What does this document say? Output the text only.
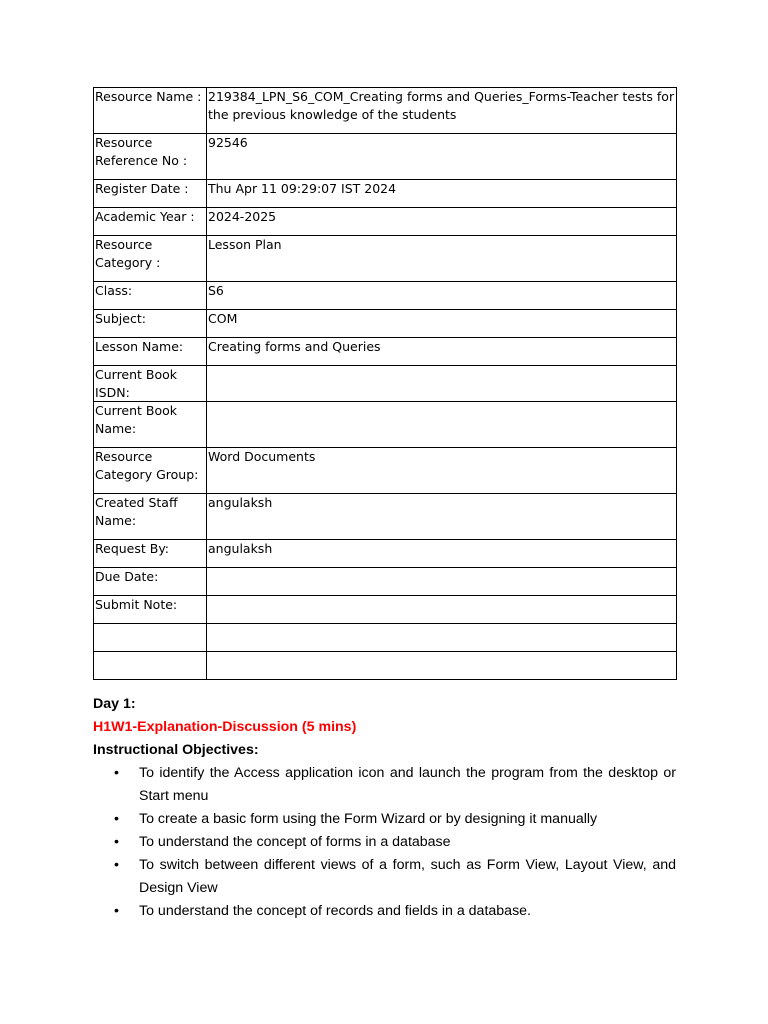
Resource Name :	219384_LPN_S6_COM_Creating forms and Queries_Forms-Teacher tests for the previous knowledge of the students
Resource Reference No :	92546
Register Date :	Thu Apr 11 09:29:07 IST 2024
Academic Year :	2024-2025
Resource Category :	Lesson Plan
Class:	S6
Subject:	COM
Lesson Name:	Creating forms and Queries
Current Book ISDN:	
Current Book Name:	
Resource Category Group:	Word Documents
Created Staff Name:	angulaksh
Request By:	angulaksh
Due Date:	
Submit Note:	

Day 1:

H1W1-Explanation-Discussion (5 mins)

Instructional Objectives:

• To identify the Access application icon and launch the program from the desktop or Start menu
• To create a basic form using the Form Wizard or by designing it manually
• To understand the concept of forms in a database
• To switch between different views of a form, such as Form View, Layout View, and Design View
• To understand the concept of records and fields in a database.
